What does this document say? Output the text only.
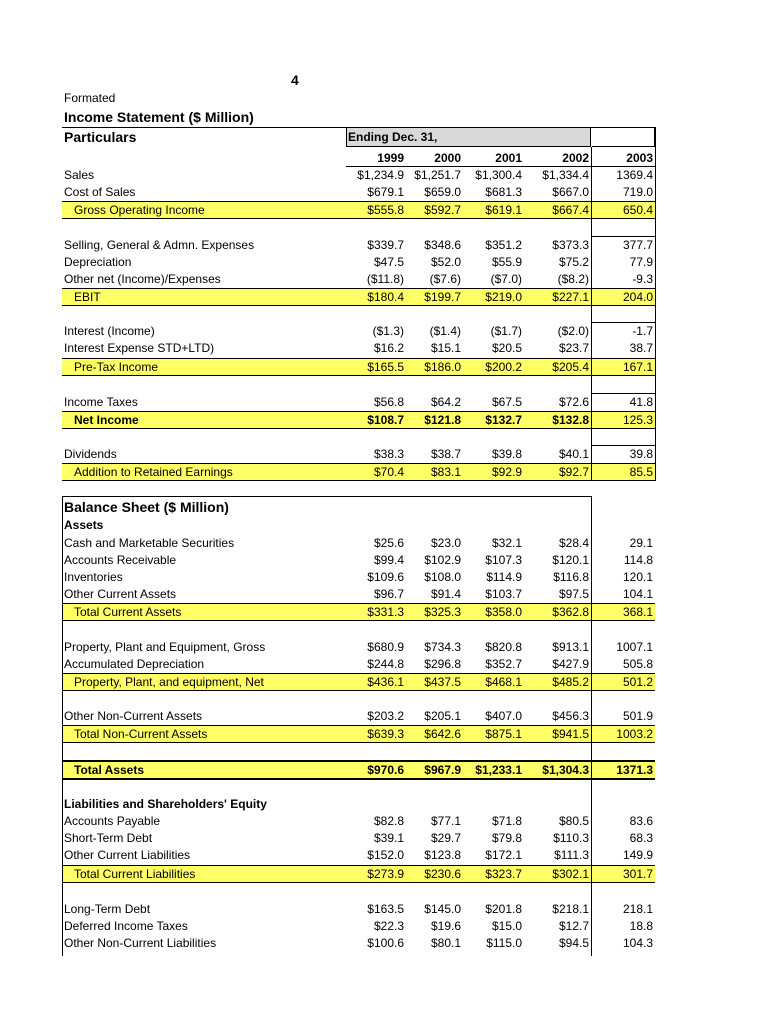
4
Formated
Income Statement ($ Million)
Particulars	Ending Dec. 31,
1999	2000	2001	2002	2003
Sales	$1,234.9 $1,251.7	$1,300.4	$1,334.4	1369.4
Cost of Sales	$679.1	$659.0	$681.3	$667.0	719.0
Gross Operating Income	$555.8	$592.7	$619.1	$667.4	650.4
Selling, General & Admn. Expenses	$339.7	$348.6	$351.2	$373.3	377.7
Depreciation	$47.5	$52.0	$55.9	$75.2	77.9
Other net (Income)/Expenses	($11.8)	($7.6)	($7.0)	($8.2)	-9.3
EBIT	$180.4	$199.7	$219.0	$227.1	204.0
Interest (Income)	($1.3)	($1.4)	($1.7)	($2.0)	-1.7
Interest Expense STD+LTD)	$16.2	$15.1	$20.5	$23.7	38.7
Pre-Tax Income	$165.5	$186.0	$200.2	$205.4	167.1
Income Taxes	$56.8	$64.2	$67.5	$72.6	41.8
Net Income	$108.7	$121.8	$132.7	$132.8	125.3
Dividends	$38.3	$38.7	$39.8	$40.1	39.8
Addition to Retained Earnings	$70.4	$83.1	$92.9	$92.7	85.5
Balance Sheet ($ Million)
Assets
Cash and Marketable Securities	$25.6	$23.0	$32.1	$28.4	29.1
Accounts Receivable	$99.4	$102.9	$107.3	$120.1	114.8
Inventories	$109.6	$108.0	$114.9	$116.8	120.1
Other Current Assets	$96.7	$91.4	$103.7	$97.5	104.1
Total Current Assets	$331.3	$325.3	$358.0	$362.8	368.1
Property, Plant and Equipment, Gross	$680.9	$734.3	$820.8	$913.1	1007.1
Accumulated Depreciation	$244.8	$296.8	$352.7	$427.9	505.8
Property, Plant, and equipment, Net	$436.1	$437.5	$468.1	$485.2	501.2
Other Non-Current Assets	$203.2	$205.1	$407.0	$456.3	501.9
Total Non-Current Assets	$639.3	$642.6	$875.1	$941.5	1003.2
Total Assets	$970.6	$967.9	$1,233.1	$1,304.3	1371.3
Liabilities and Shareholders' Equity
Accounts Payable	$82.8	$77.1	$71.8	$80.5	83.6
Short-Term Debt	$39.1	$29.7	$79.8	$110.3	68.3
Other Current Liabilities	$152.0	$123.8	$172.1	$111.3	149.9
Total Current Liabilities	$273.9	$230.6	$323.7	$302.1	301.7
Long-Term Debt	$163.5	$145.0	$201.8	$218.1	218.1
Deferred Income Taxes	$22.3	$19.6	$15.0	$12.7	18.8
Other Non-Current Liabilities	$100.6	$80.1	$115.0	$94.5	104.3
